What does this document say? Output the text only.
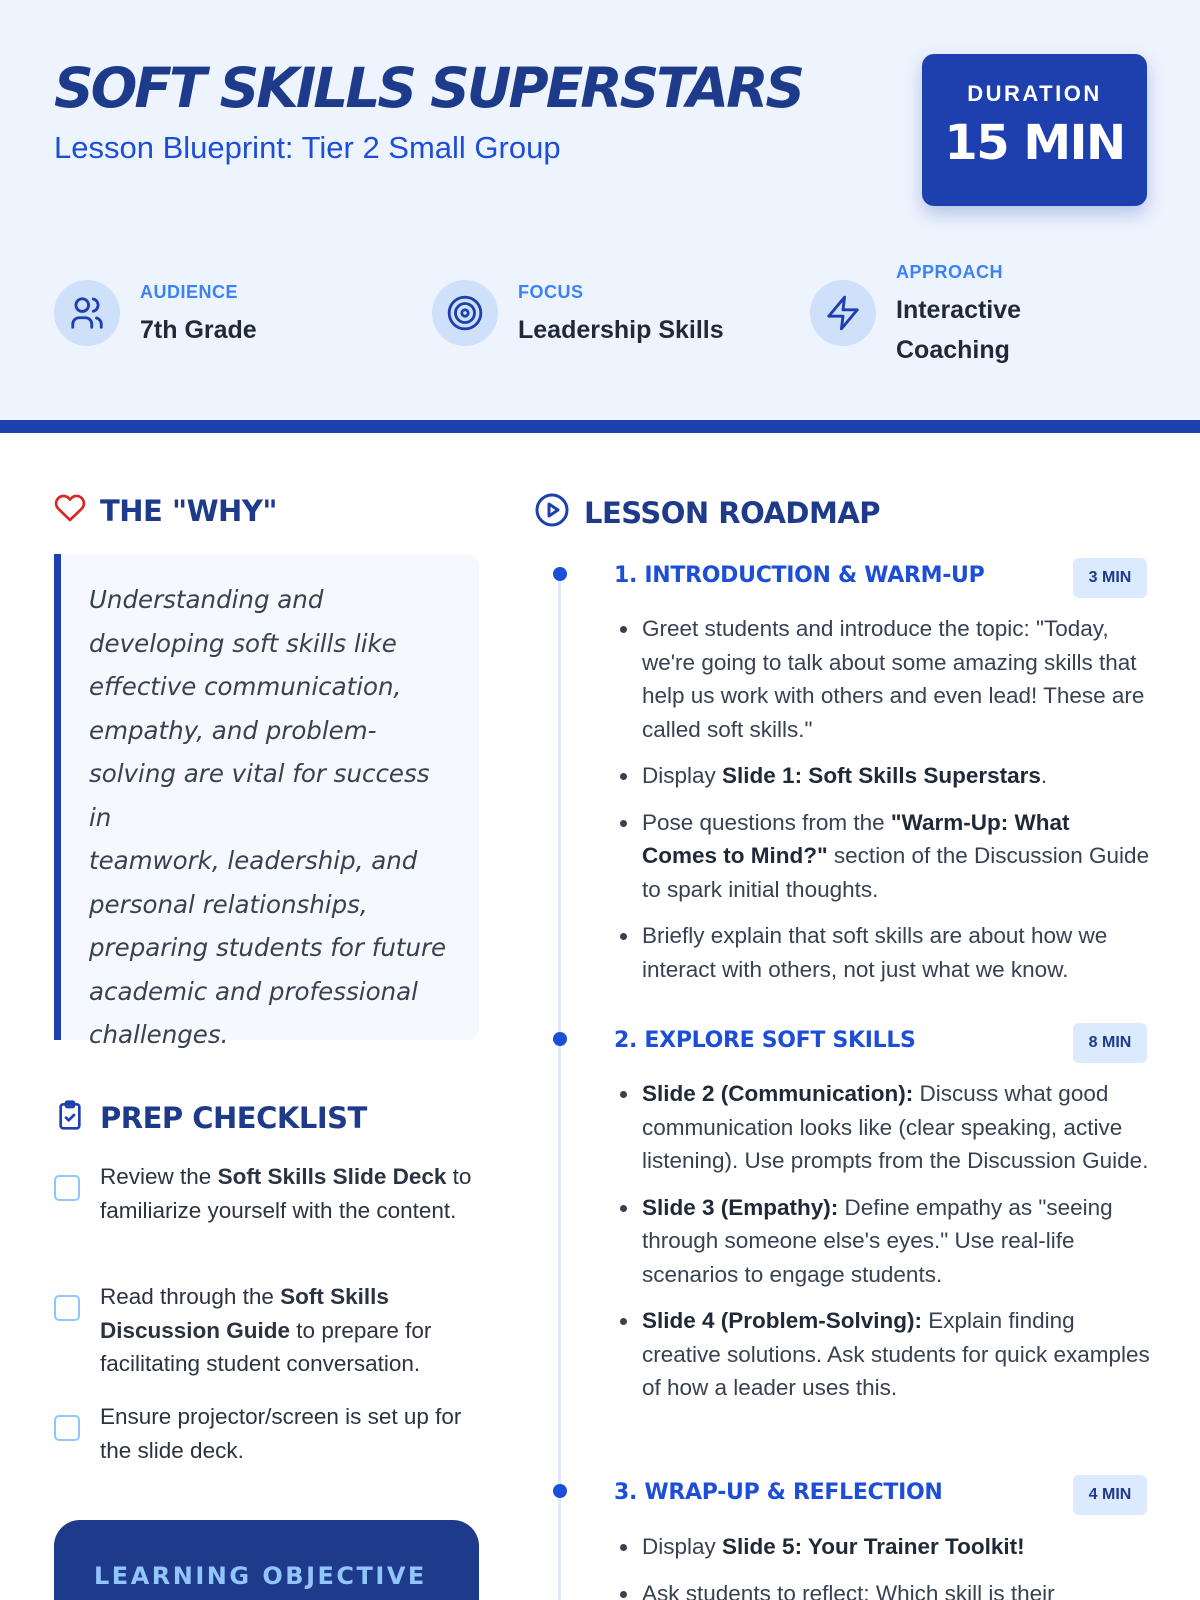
SOFT SKILLS SUPERSTARS
Lesson Blueprint: Tier 2 Small Group
DURATION
15 MIN
AUDIENCE
7th Grade
FOCUS
Leadership Skills
APPROACH
Interactive
Coaching
THE "WHY"
Understanding and
developing soft skills like
effective communication,
empathy, and problem-
solving are vital for success in
teamwork, leadership, and
personal relationships,
preparing students for future
academic and professional
challenges.
PREP CHECKLIST
Review the Soft Skills Slide Deck to familiarize yourself with the content.
Read through the Soft Skills Discussion Guide to prepare for facilitating student conversation.
Ensure projector/screen is set up for the slide deck.
LEARNING OBJECTIVE
LESSON ROADMAP
1. INTRODUCTION & WARM-UP	3 MIN
Greet students and introduce the topic: "Today, we're going to talk about some amazing skills that help us work with others and even lead! These are called soft skills."
Display Slide 1: Soft Skills Superstars.
Pose questions from the "Warm-Up: What Comes to Mind?" section of the Discussion Guide to spark initial thoughts.
Briefly explain that soft skills are about how we interact with others, not just what we know.
2. EXPLORE SOFT SKILLS	8 MIN
Slide 2 (Communication): Discuss what good communication looks like (clear speaking, active listening). Use prompts from the Discussion Guide.
Slide 3 (Empathy): Define empathy as "seeing through someone else's eyes." Use real-life scenarios to engage students.
Slide 4 (Problem-Solving): Explain finding creative solutions. Ask students for quick examples of how a leader uses this.
3. WRAP-UP & REFLECTION	4 MIN
Display Slide 5: Your Trainer Toolkit!
Ask students to reflect: Which skill is their
